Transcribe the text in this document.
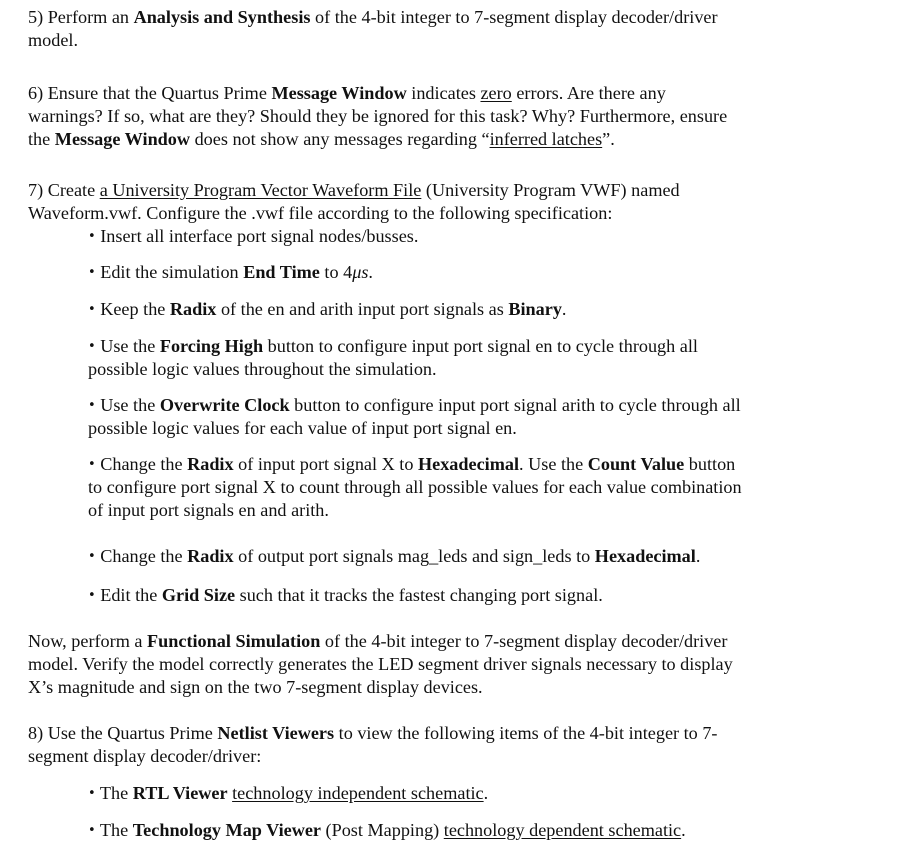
5) Perform an Analysis and Synthesis of the 4-bit integer to 7-segment display decoder/driver
model.

6) Ensure that the Quartus Prime Message Window indicates zero errors. Are there any
warnings? If so, what are they? Should they be ignored for this task? Why? Furthermore, ensure
the Message Window does not show any messages regarding “inferred latches”.

7) Create a University Program Vector Waveform File (University Program VWF) named
Waveform.vwf. Configure the .vwf file according to the following specification:

• Insert all interface port signal nodes/busses.

• Edit the simulation End Time to 4μs.

• Keep the Radix of the en and arith input port signals as Binary.

• Use the Forcing High button to configure input port signal en to cycle through all
possible logic values throughout the simulation.

• Use the Overwrite Clock button to configure input port signal arith to cycle through all
possible logic values for each value of input port signal en.

• Change the Radix of input port signal X to Hexadecimal. Use the Count Value button
to configure port signal X to count through all possible values for each value combination
of input port signals en and arith.

• Change the Radix of output port signals mag_leds and sign_leds to Hexadecimal.

• Edit the Grid Size such that it tracks the fastest changing port signal.

Now, perform a Functional Simulation of the 4-bit integer to 7-segment display decoder/driver
model. Verify the model correctly generates the LED segment driver signals necessary to display
X’s magnitude and sign on the two 7-segment display devices.

8) Use the Quartus Prime Netlist Viewers to view the following items of the 4-bit integer to 7-
segment display decoder/driver:

• The RTL Viewer technology independent schematic.

• The Technology Map Viewer (Post Mapping) technology dependent schematic.
